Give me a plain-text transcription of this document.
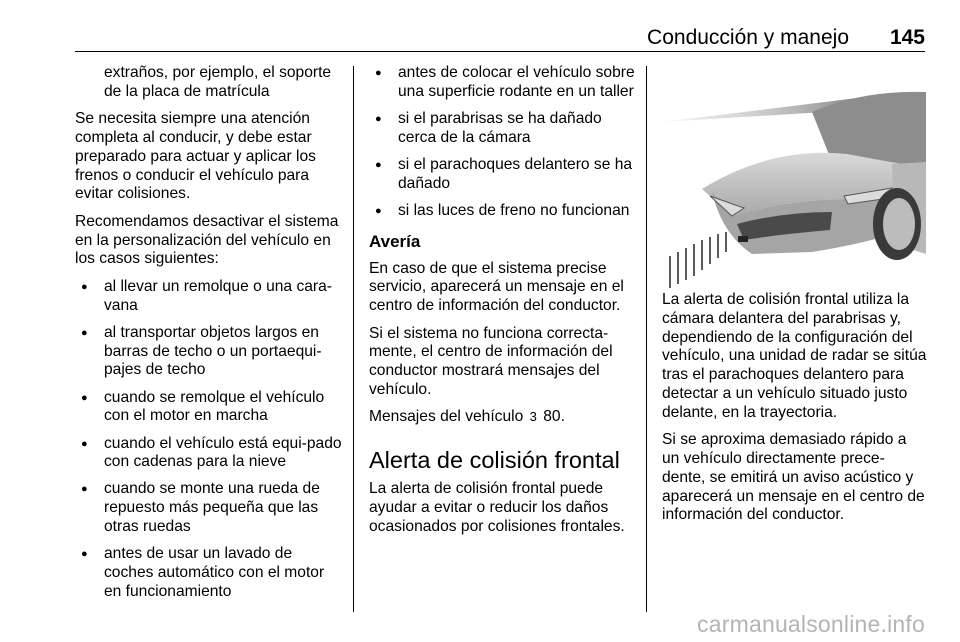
Conducción y manejo 145
extraños, por ejemplo, el soporte de la placa de matrícula

Se necesita siempre una atención completa al conducir, y debe estar preparado para actuar y aplicar los frenos o conducir el vehículo para evitar colisiones.

Recomendamos desactivar el sistema en la personalización del vehículo en los casos siguientes:

● al llevar un remolque o una cara‐vana
● al transportar objetos largos en barras de techo o un portaequi‐pajes de techo
● cuando se remolque el vehículo con el motor en marcha
● cuando el vehículo está equi‐pado con cadenas para la nieve
● cuando se monte una rueda de repuesto más pequeña que las otras ruedas
● antes de usar un lavado de coches automático con el motor en funcionamiento
● antes de colocar el vehículo sobre una superficie rodante en un taller
● si el parabrisas se ha dañado cerca de la cámara
● si el parachoques delantero se ha dañado
● si las luces de freno no funcionan
Avería

En caso de que el sistema precise servicio, aparecerá un mensaje en el centro de información del conductor.

Si el sistema no funciona correcta‐mente, el centro de información del conductor mostrará mensajes del vehículo.

Mensajes del vehículo 3 80.

Alerta de colisión frontal

La alerta de colisión frontal puede ayudar a evitar o reducir los daños ocasionados por colisiones frontales.

La alerta de colisión frontal utiliza la cámara delantera del parabrisas y, dependiendo de la configuración del vehículo, una unidad de radar se sitúa tras el parachoques delantero para detectar a un vehículo situado justo delante, en la trayectoria.

Si se aproxima demasiado rápido a un vehículo directamente prece‐dente, se emitirá un aviso acústico y aparecerá un mensaje en el centro de información del conductor.

carmanualsonline.info
